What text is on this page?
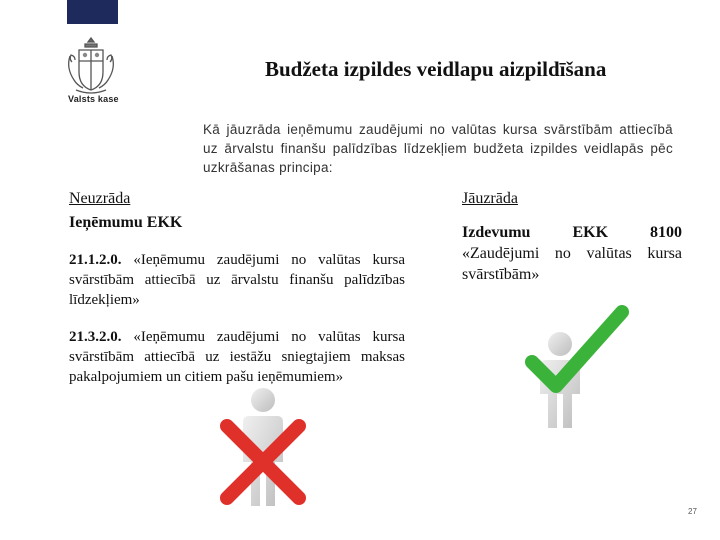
Valsts kase
Budžeta izpildes veidlapu aizpildīšana
Kā jāuzrāda ieņēmumu zaudējumi no valūtas kursa svārstībām attiecībā uz ārvalstu finanšu palīdzības līdzekļiem budžeta izpildes veidlapās pēc uzkrāšanas principa:

Neuzrāda

Ieņēmumu EKK

21.1.2.0. «Ieņēmumu zaudējumi no valūtas kursa svārstībām attiecībā uz ārvalstu finanšu palīdzības līdzekļiem»

21.3.2.0. «Ieņēmumu zaudējumi no valūtas kursa svārstībām attiecībā uz iestāžu sniegtajiem maksas pakalpojumiem un citiem pašu ieņēmumiem»

Jāuzrāda

Izdevumu EKK 8100 «Zaudējumi no valūtas kursa svārstībām»

27
